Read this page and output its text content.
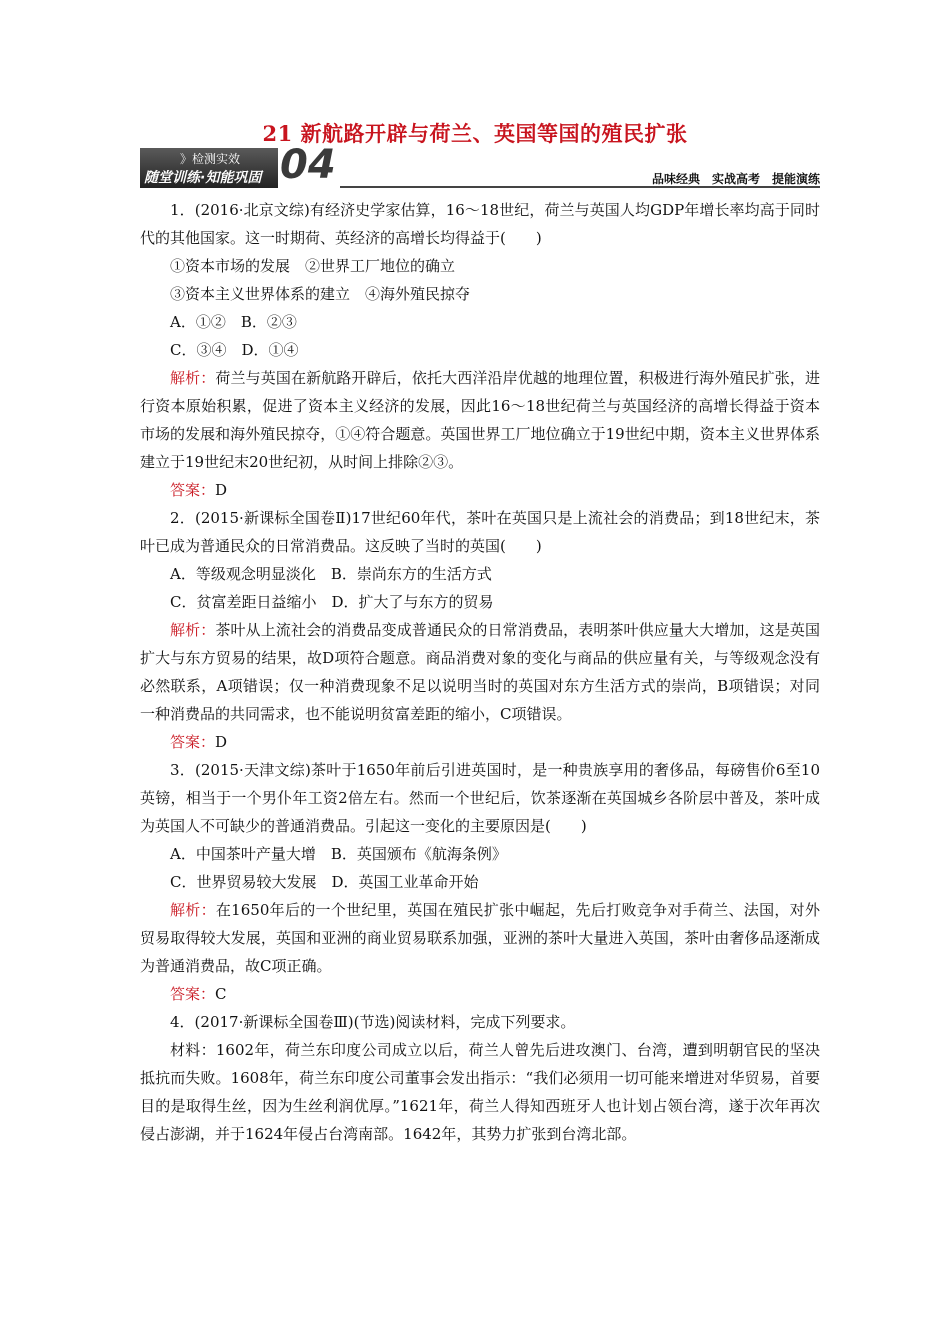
21 新航路开辟与荷兰、英国等国的殖民扩张
》检测实效
随堂训练·知能巩固 04	品味经典　实战高考　提能演练

1．(2016·北京文综)有经济史学家估算，16～18世纪，荷兰与英国人均GDP年增长率均高于同时代的其他国家。这一时期荷、英经济的高增长均得益于(　　)

①资本市场的发展　②世界工厂地位的确立

③资本主义世界体系的建立　④海外殖民掠夺

A．①②　B．②③

C．③④　D．①④

解析：荷兰与英国在新航路开辟后，依托大西洋沿岸优越的地理位置，积极进行海外殖民扩张，进行资本原始积累，促进了资本主义经济的发展，因此16～18世纪荷兰与英国经济的高增长得益于资本市场的发展和海外殖民掠夺，①④符合题意。英国世界工厂地位确立于19世纪中期，资本主义世界体系建立于19世纪末20世纪初，从时间上排除②③。

答案：D

2．(2015·新课标全国卷Ⅱ)17世纪60年代，茶叶在英国只是上流社会的消费品；到18世纪末，茶叶已成为普通民众的日常消费品。这反映了当时的英国(　　)

A．等级观念明显淡化　B．崇尚东方的生活方式

C．贫富差距日益缩小　D．扩大了与东方的贸易

解析：茶叶从上流社会的消费品变成普通民众的日常消费品，表明茶叶供应量大大增加，这是英国扩大与东方贸易的结果，故D项符合题意。商品消费对象的变化与商品的供应量有关，与等级观念没有必然联系，A项错误；仅一种消费现象不足以说明当时的英国对东方生活方式的崇尚，B项错误；对同一种消费品的共同需求，也不能说明贫富差距的缩小，C项错误。

答案：D

3．(2015·天津文综)茶叶于1650年前后引进英国时，是一种贵族享用的奢侈品，每磅售价6至10英镑，相当于一个男仆年工资2倍左右。然而一个世纪后，饮茶逐渐在英国城乡各阶层中普及，茶叶成为英国人不可缺少的普通消费品。引起这一变化的主要原因是(　　)

A．中国茶叶产量大增　B．英国颁布《航海条例》

C．世界贸易较大发展　D．英国工业革命开始

解析：在1650年后的一个世纪里，英国在殖民扩张中崛起，先后打败竞争对手荷兰、法国，对外贸易取得较大发展，英国和亚洲的商业贸易联系加强，亚洲的茶叶大量进入英国，茶叶由奢侈品逐渐成为普通消费品，故C项正确。

答案：C

4．(2017·新课标全国卷Ⅲ)(节选)阅读材料，完成下列要求。

材料：1602年，荷兰东印度公司成立以后，荷兰人曾先后进攻澳门、台湾，遭到明朝官民的坚决抵抗而失败。1608年，荷兰东印度公司董事会发出指示：“我们必须用一切可能来增进对华贸易，首要目的是取得生丝，因为生丝利润优厚。”1621年，荷兰人得知西班牙人也计划占领台湾，遂于次年再次侵占澎湖，并于1624年侵占台湾南部。1642年，其势力扩张到台湾北部。
